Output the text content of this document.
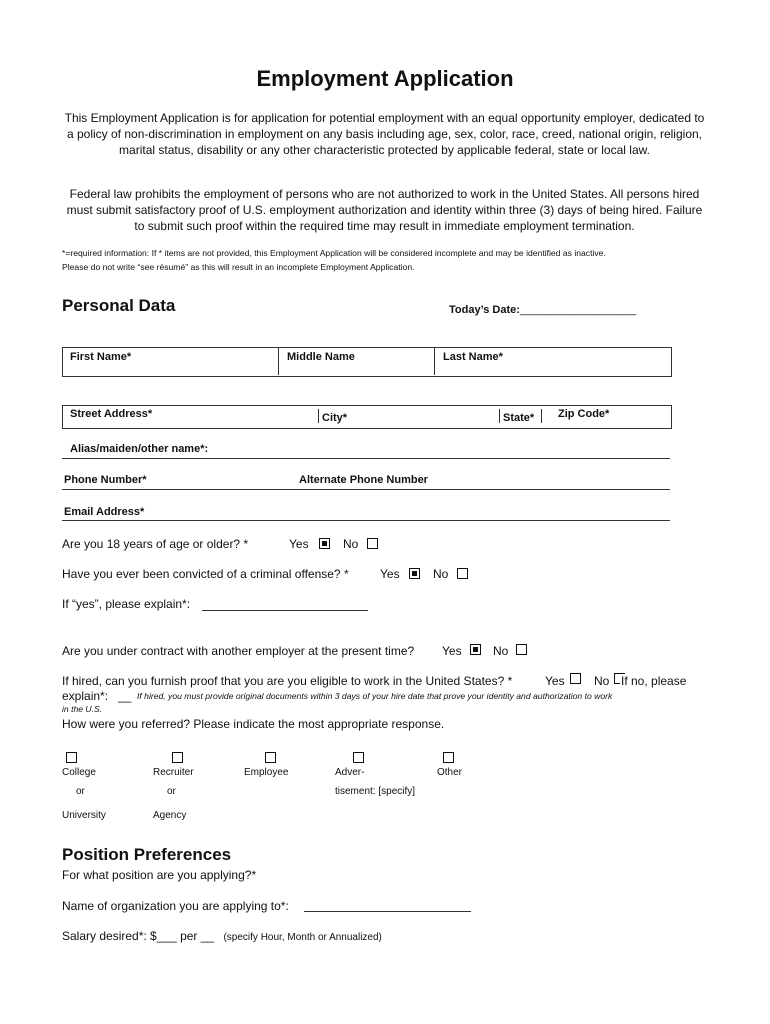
Employment Application
This Employment Application is for application for potential employment with an equal opportunity employer, dedicated to a policy of non-discrimination in employment on any basis including age, sex, color, race, creed, national origin, religion, marital status, disability or any other characteristic protected by applicable federal, state or local law.
Federal law prohibits the employment of persons who are not authorized to work in the United States. All persons hired must submit satisfactory proof of U.S. employment authorization and identity within three (3) days of being hired. Failure to submit such proof within the required time may result in immediate employment termination.
*=required information: If * items are not provided, this Employment Application will be considered incomplete and may be identified as inactive.
Please do not write “see résumé” as this will result in an incomplete Employment Application.
Personal Data	Today’s Date:___________________
First Name*	Middle Name	Last Name*
Street Address*	City*	State* Zip Code*
Alias/maiden/other name*:
Phone Number*	Alternate Phone Number
Email Address*
Are you 18 years of age or older? *	Yes	No
Have you ever been convicted of a criminal offense? *	Yes	No
If “yes”, please explain*:
Are you under contract with another employer at the present time? Yes	No
If hired, can you furnish proof that you are you eligible to work in the United States? *	Yes No If no, please
explain*: __ If hired, you must provide original documents within 3 days of your hire date that prove your identity and authorization to work
in the U.S.
How were you referred? Please indicate the most appropriate response.
College
or
University
Recruiter
or
Agency
Employee	Adver-
tisement: [specify]
Other
Position Preferences
For what position are you applying?*
Name of organization you are applying to*:
Salary desired*: $___ per __ (specify Hour, Month or Annualized)
